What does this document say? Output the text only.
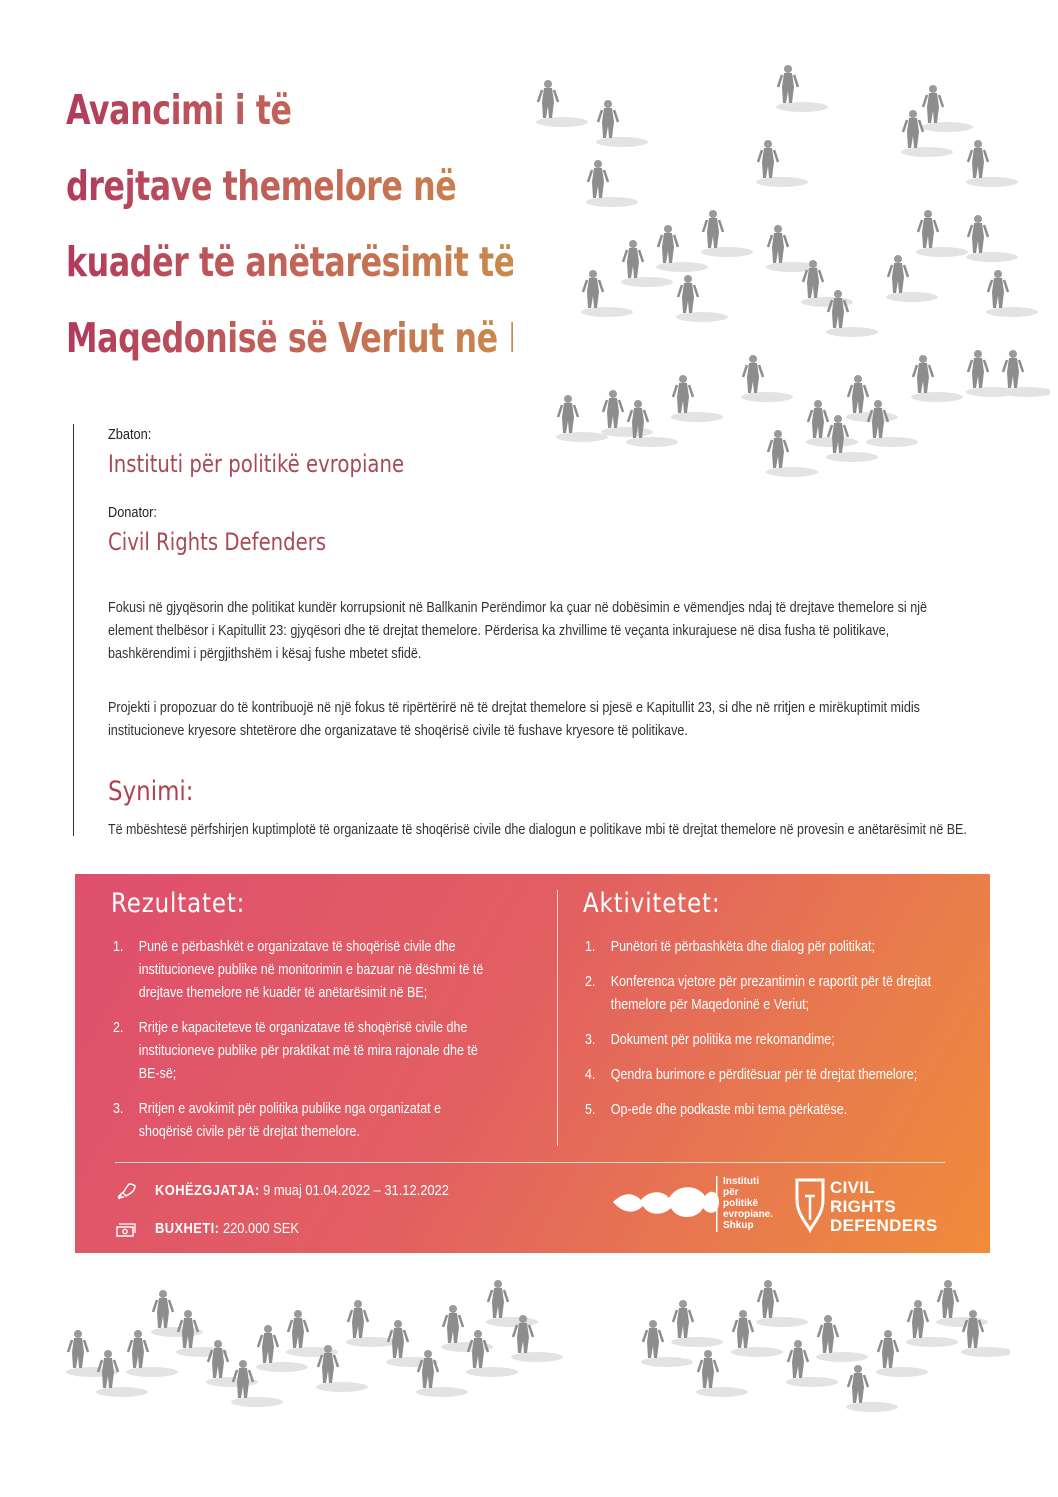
Avancimi i të
drejtave themelore në
kuadër të anëtarësimit të
Maqedonisë së Veriut në BE
Zbaton:
Instituti për politikë evropiane
Donator:
Civil Rights Defenders

Fokusi në gjyqësorin dhe politikat kundër korrupsionit në Ballkanin Perëndimor ka çuar në dobësimin e vëmendjes ndaj të drejtave themelore si një element thelbësor i Kapitullit 23: gjyqësori dhe të drejtat themelore. Përderisa ka zhvillime të veçanta inkurajuese në disa fusha të politikave, bashkërendimi i përgjithshëm i kësaj fushe mbetet sfidë.

Projekti i propozuar do të kontribuojë në një fokus të ripërtërirë në të drejtat themelore si pjesë e Kapitullit 23, si dhe në rritjen e mirëkuptimit midis institucioneve kryesore shtetërore dhe organizatave të shoqërisë civile të fushave kryesore të politikave.

Synimi:
Të mbështesë përfshirjen kuptimplotë të organizaate të shoqërisë civile dhe dialogun e politikave mbi të drejtat themelore në provesin e anëtarësimit në BE.
Rezultatet:	Aktivitetet:
1.	Punë e përbashkët e organizatave të shoqërisë civile dhe institucioneve publike në monitorimin e bazuar në dëshmi të të drejtave themelore në kuadër të anëtarësimit në BE;
2.	Rritje e kapaciteteve të organizatave të shoqërisë civile dhe institucioneve publike për praktikat më të mira rajonale dhe të BE-së;
3.	Rritjen e avokimit për politika publike nga organizatat e shoqërisë civile për të drejtat themelore.
1.	Punëtori të përbashkëta dhe dialog për politikat;
2.	Konferenca vjetore për prezantimin e raportit për të drejtat themelore për Maqedoninë e Veriut;
3.	Dokument për politika me rekomandime;
4.	Qendra burimore e përditësuar për të drejtat themelore;
5.	Op-ede dhe podkaste mbi tema përkatëse.
KOHËZGJATJA: 9 muaj 01.04.2022 – 31.12.2022
BUXHETI: 220.000 SEK
Instituti
për
politikë
evropiane.
Shkup
CIVIL
RIGHTS
DEFENDERS
